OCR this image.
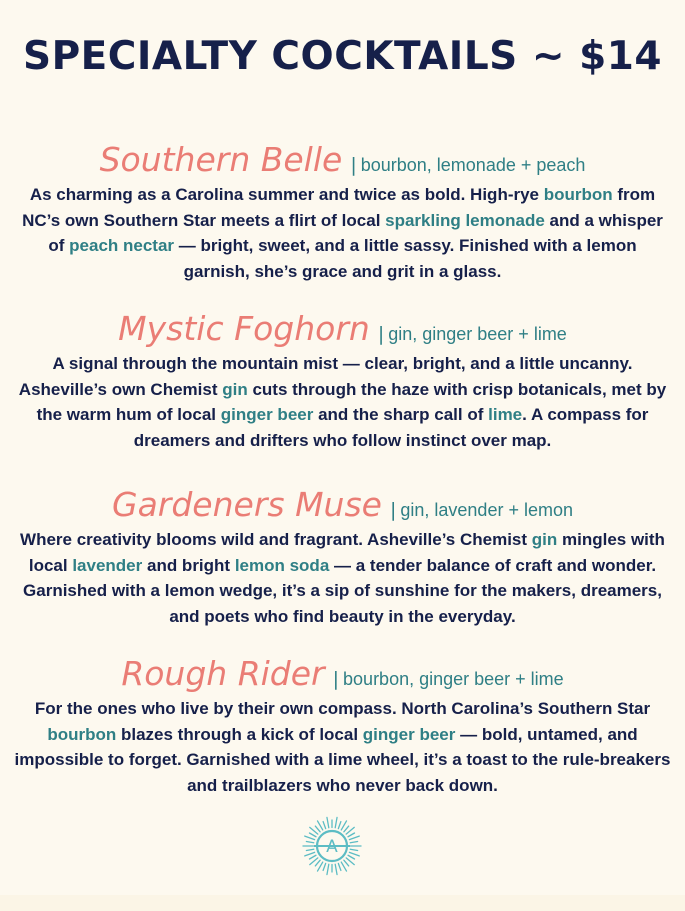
SPECIALTY COCKTAILS ~ $14
Southern Belle | bourbon, lemonade + peach

As charming as a Carolina summer and twice as bold. High-rye bourbon from NC’s own Southern Star meets a flirt of local sparkling lemonade and a whisper of peach nectar — bright, sweet, and a little sassy. Finished with a lemon garnish, she’s grace and grit in a glass.

Mystic Foghorn | gin, ginger beer + lime

A signal through the mountain mist — clear, bright, and a little uncanny. Asheville’s own Chemist gin cuts through the haze with crisp botanicals, met by the warm hum of local ginger beer and the sharp call of lime. A compass for dreamers and drifters who follow instinct over map.

Gardeners Muse | gin, lavender + lemon

Where creativity blooms wild and fragrant. Asheville’s Chemist gin mingles with local lavender and bright lemon soda — a tender balance of craft and wonder. Garnished with a lemon wedge, it’s a sip of sunshine for the makers, dreamers, and poets who find beauty in the everyday.

Rough Rider | bourbon, ginger beer + lime

For the ones who live by their own compass. North Carolina’s Southern Star bourbon blazes through a kick of local ginger beer — bold, untamed, and impossible to forget. Garnished with a lime wheel, it’s a toast to the rule-breakers and trailblazers who never back down.

A
